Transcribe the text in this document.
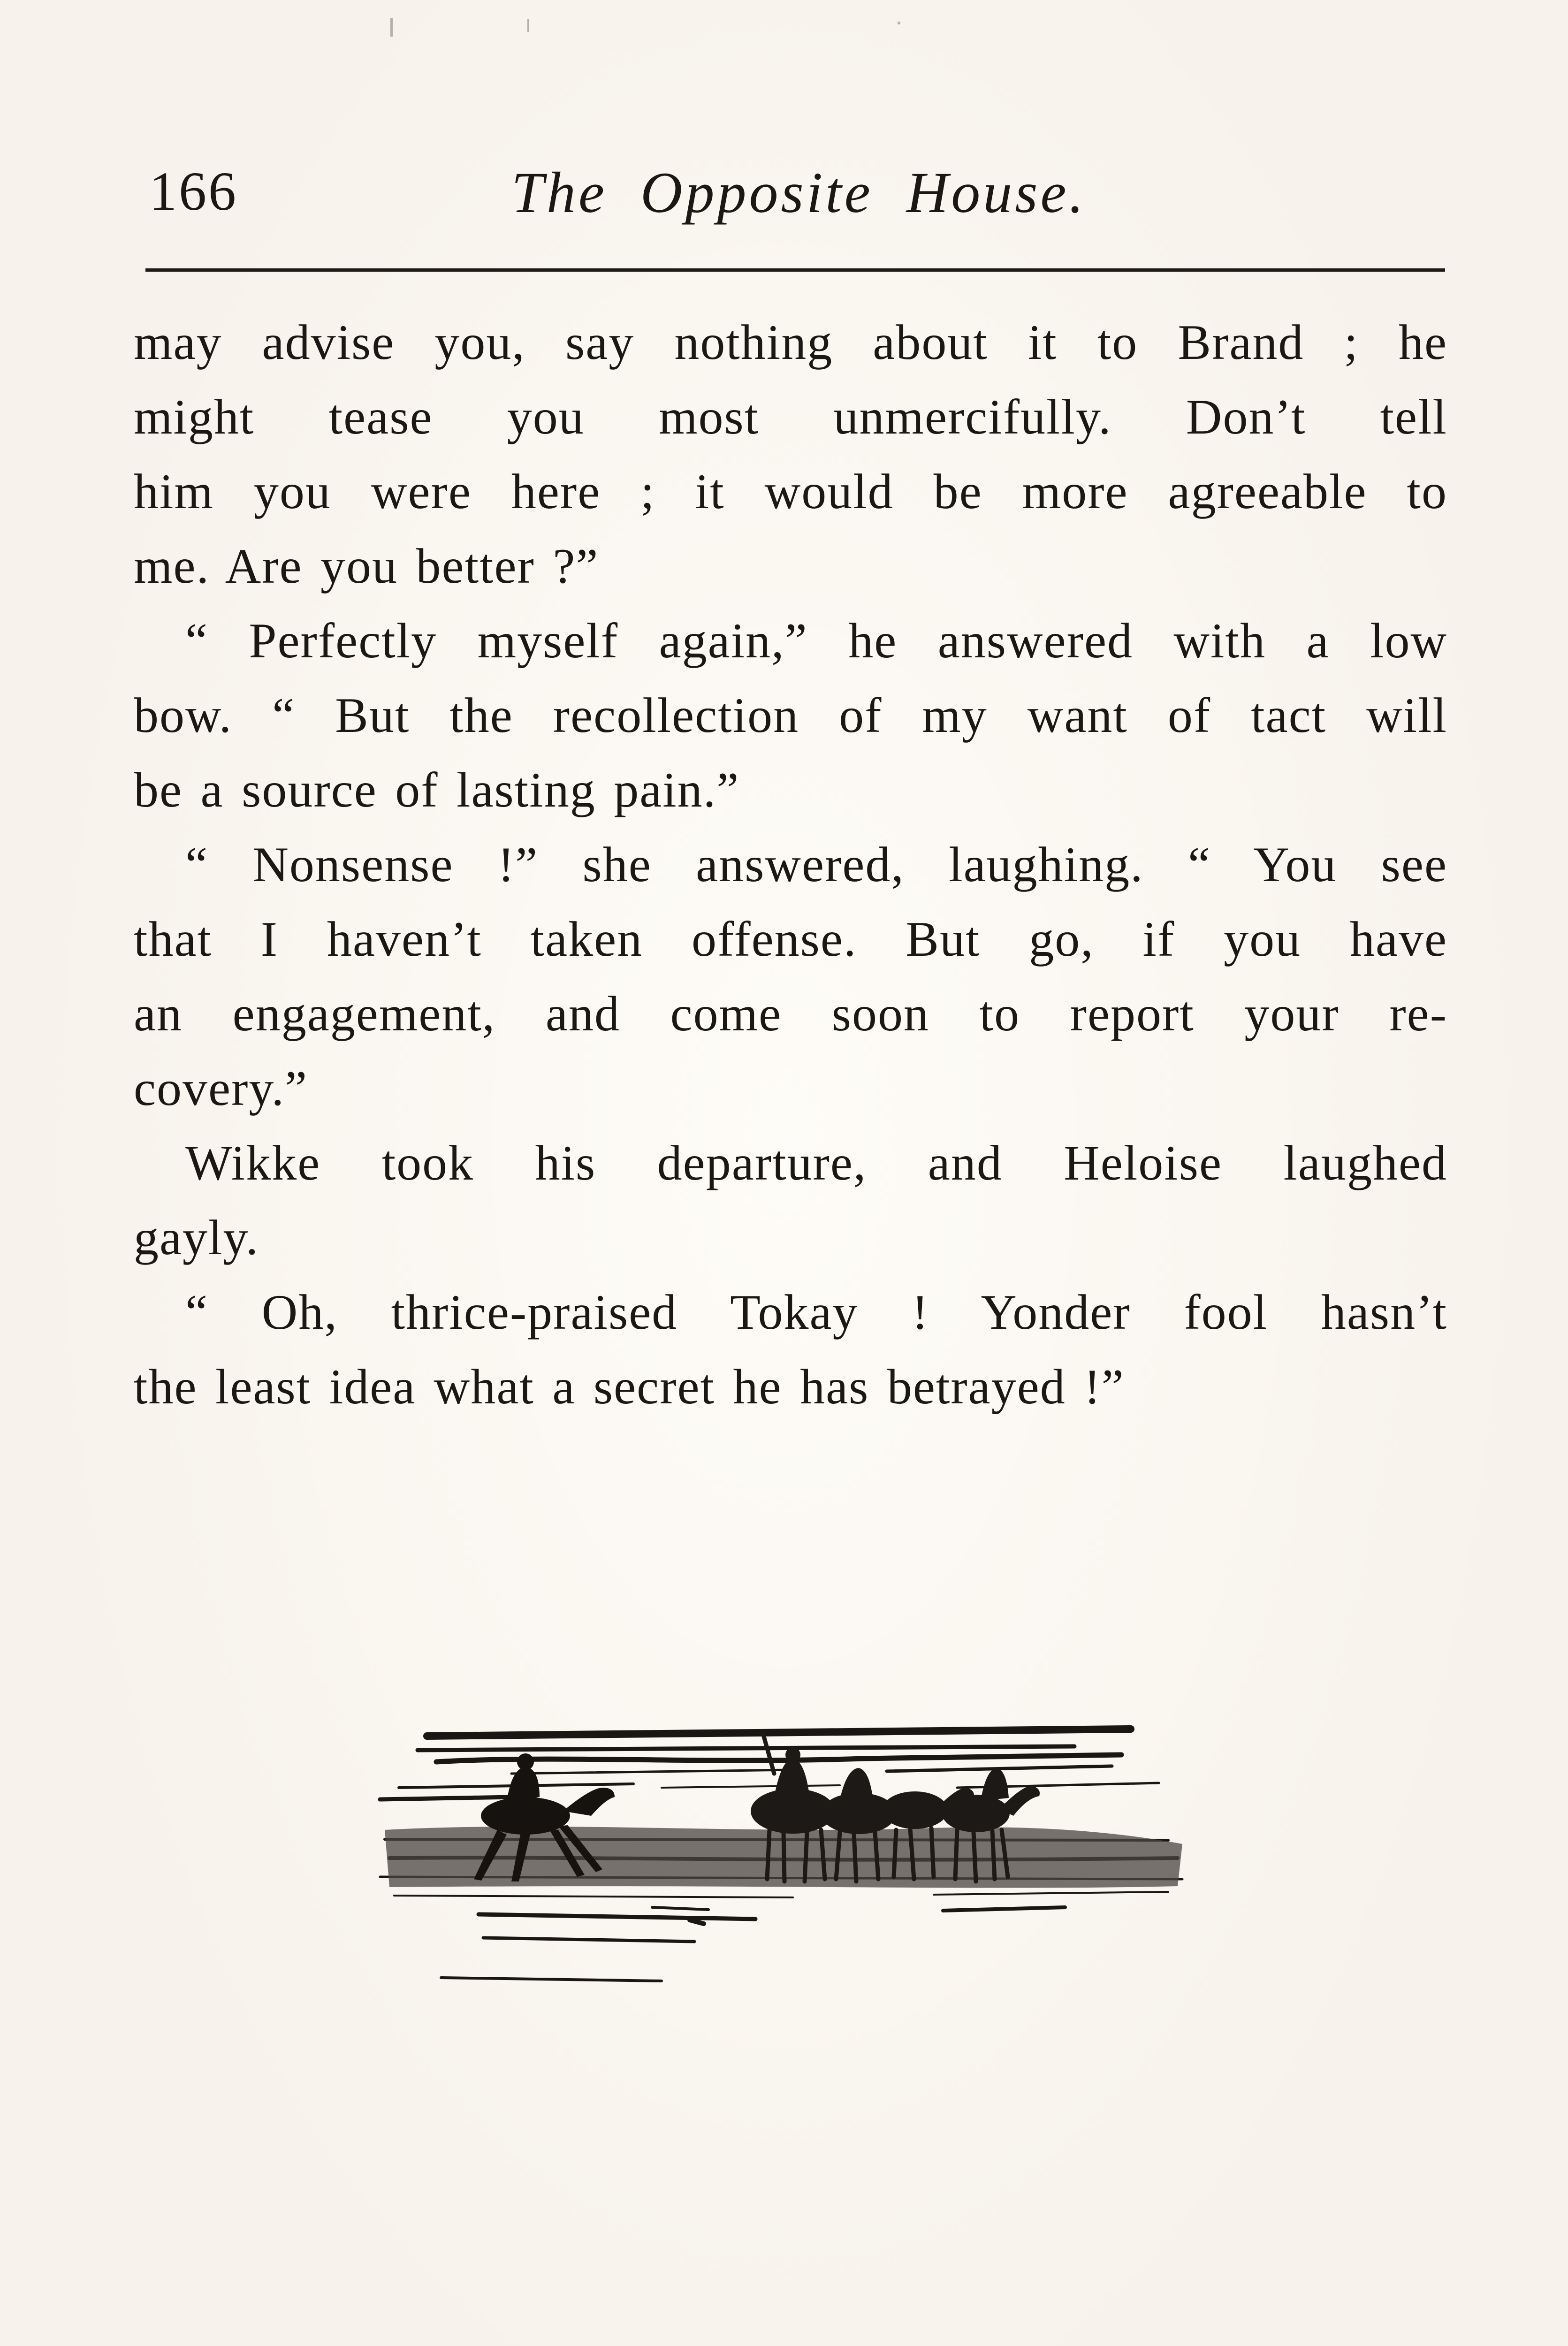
166	The Opposite House.

may advise you, say nothing about it to Brand ; he

might tease you most unmercifully. Don’t tell

him you were here ; it would be more agreeable to

me. Are you better ?”

“ Perfectly myself again,” he answered with a low

bow. “ But the recollection of my want of tact will

be a source of lasting pain.”

“ Nonsense !” she answered, laughing. “ You see

that I haven’t taken offense. But go, if you have

an engagement, and come soon to report your re-

covery.”

Wikke took his departure, and Heloise laughed

gayly.

“ Oh, thrice-praised Tokay ! Yonder fool hasn’t

the least idea what a secret he has betrayed !”
